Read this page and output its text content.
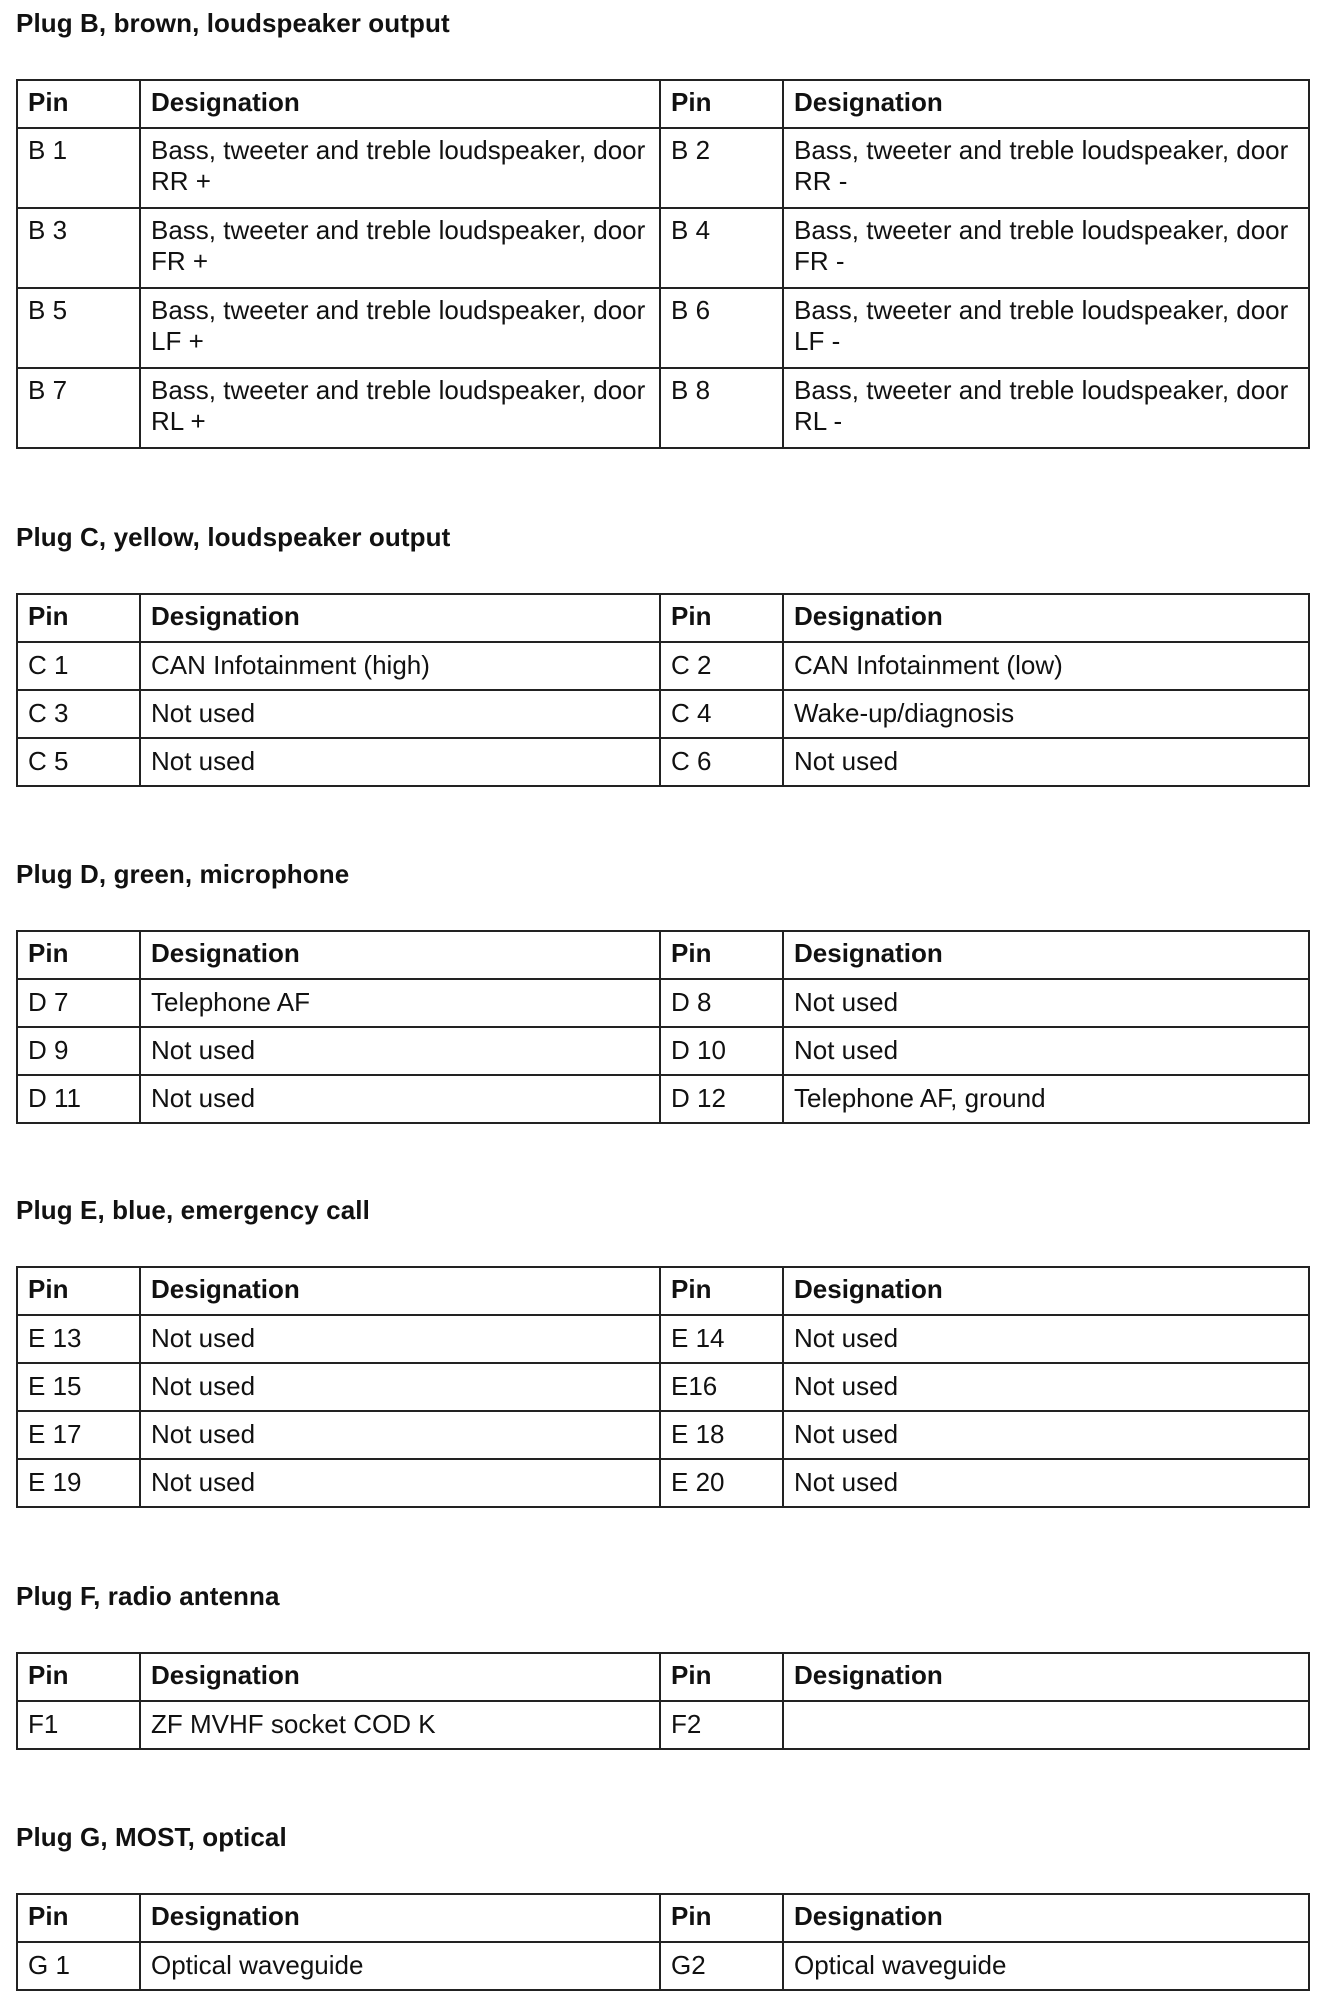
Plug B, brown, loudspeaker output
Pin	Designation	Pin	Designation
B 1	Bass, tweeter and treble loudspeaker, door RR +	B 2	Bass, tweeter and treble loudspeaker, door RR -
B 3	Bass, tweeter and treble loudspeaker, door FR +	B 4	Bass, tweeter and treble loudspeaker, door FR -
B 5	Bass, tweeter and treble loudspeaker, door LF +	B 6	Bass, tweeter and treble loudspeaker, door LF -
B 7	Bass, tweeter and treble loudspeaker, door RL +	B 8	Bass, tweeter and treble loudspeaker, door RL -
Plug C, yellow, loudspeaker output
Pin	Designation	Pin	Designation
C 1	CAN Infotainment (high)	C 2	CAN Infotainment (low)
C 3	Not used	C 4	Wake-up/diagnosis
C 5	Not used	C 6	Not used
Plug D, green, microphone
Pin	Designation	Pin	Designation
D 7	Telephone AF	D 8	Not used
D 9	Not used	D 10	Not used
D 11	Not used	D 12	Telephone AF, ground
Plug E, blue, emergency call
Pin	Designation	Pin	Designation
E 13	Not used	E 14	Not used
E 15	Not used	E16	Not used
E 17	Not used	E 18	Not used
E 19	Not used	E 20	Not used
Plug F, radio antenna
Pin	Designation	Pin	Designation
F1	ZF MVHF socket COD K	F2	
Plug G, MOST, optical
Pin	Designation	Pin	Designation
G 1	Optical waveguide	G2	Optical waveguide
